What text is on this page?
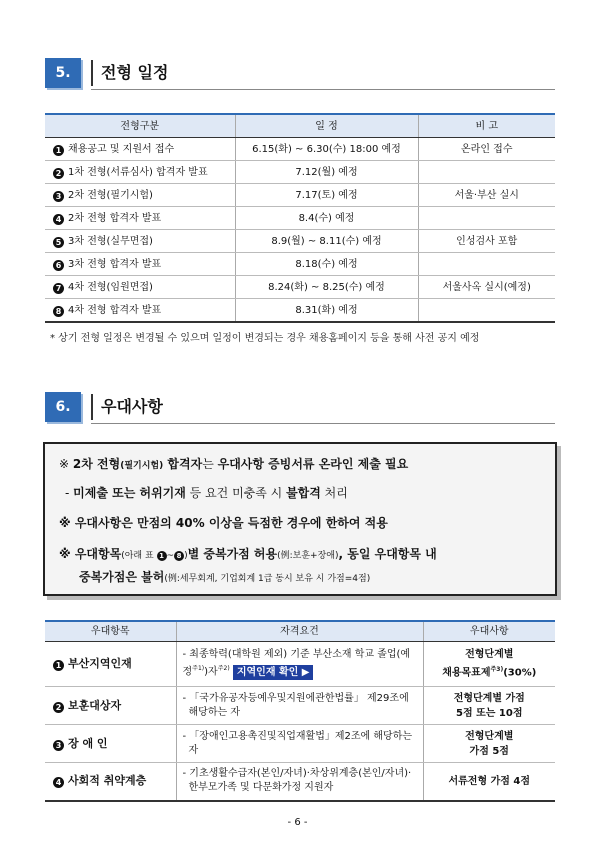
5.	전형 일정
전형구분	일 정	비 고
1 채용공고 및 지원서 접수	6.15(화) ~ 6.30(수) 18:00 예정	온라인 접수
2 1차 전형(서류심사) 합격자 발표	7.12(월) 예정	
3 2차 전형(필기시험)	7.17(토) 예정	서울·부산 실시
4 2차 전형 합격자 발표	8.4(수) 예정	
5 3차 전형(실무면접)	8.9(월) ~ 8.11(수) 예정	인성검사 포함
6 3차 전형 합격자 발표	8.18(수) 예정	
7 4차 전형(임원면접)	8.24(화) ~ 8.25(수) 예정	서울사옥 실시(예정)
8 4차 전형 합격자 발표	8.31(화) 예정	
* 상기 전형 일정은 변경될 수 있으며 일정이 변경되는 경우 채용홈페이지 등을 통해 사전 공지 예정
6.	우대사항
※ 2차 전형(필기시험) 합격자는 우대사항 증빙서류 온라인 제출 필요
- 미제출 또는 허위기재 등 요건 미충족 시 불합격 처리
※ 우대사항은 만점의 40% 이상을 득점한 경우에 한하여 적용
※ 우대항목(아래 표 1 ~ 8 )별 중복가점 허용(例:보훈+장애), 동일 우대항목 내
중복가점은 불허(例:세무회계, 기업회계 1급 동시 보유 시 가점=4점)
우대항목	자격요건	우대사항
1 부산지역인재	- 최종학력(대학원 제외) 기준 부산소재 학교 졸업(예정$^{주1)}$)자$^{주2)}$ 지역인재 확인 ▶	전형단계별
채용목표제$^{주3)}$(30%)

2 보훈대상자	- 「국가유공자등예우및지원에관한법률」 제29조에 해당하는 자	전형단계별 가점
5점 또는 10점

3 장 애 인	- 「장애인고용촉진및직업재활법」제2조에 해당하는 자	전형단계별
가점 5점

4 사회적 취약계층	- 기초생활수급자(본인/자녀)·차상위계층(본인/자녀)·한부모가족 및 다문화가정 지원자	서류전형 가점 4점
- 6 -
